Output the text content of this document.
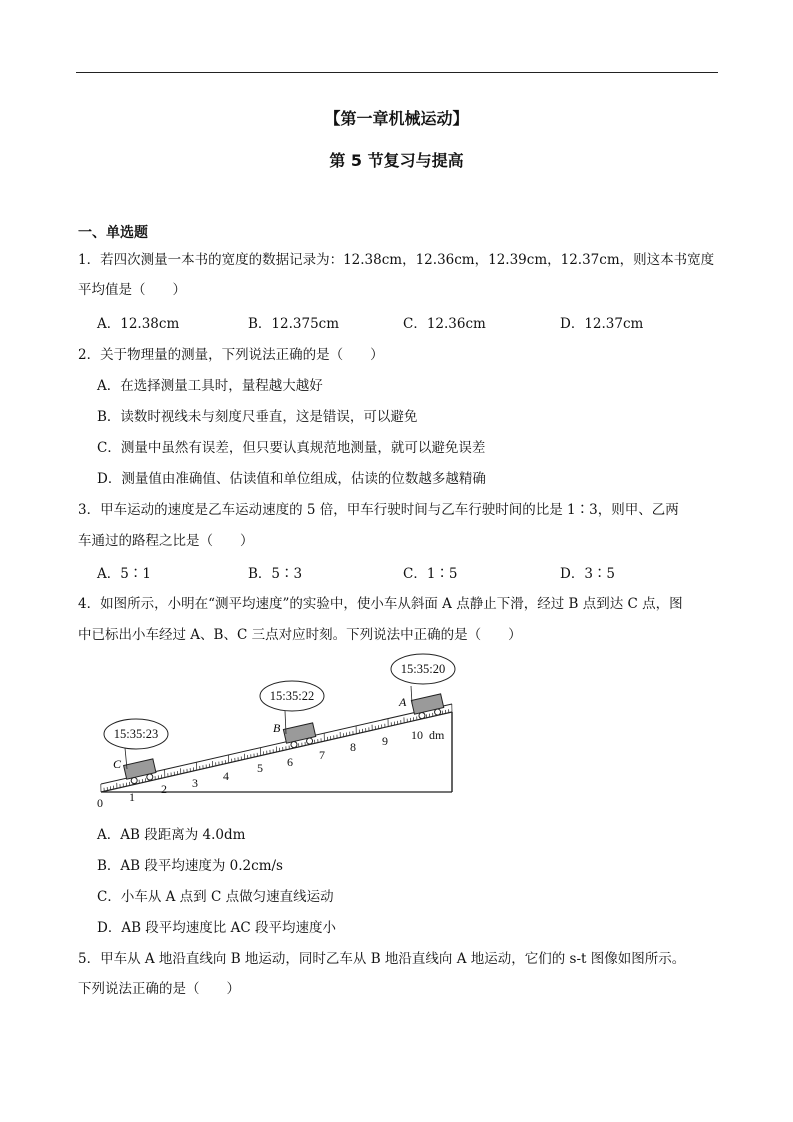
【第一章机械运动】
第 5 节复习与提高
一、单选题
1．若四次测量一本书的宽度的数据记录为：12.38cm，12.36cm，12.39cm，12.37cm，则这本书宽度
平均值是（　　）
A．12.38cm	B．12.375cm	C．12.36cm	D．12.37cm
2．关于物理量的测量，下列说法正确的是（　　）
A．在选择测量工具时，量程越大越好
B．读数时视线未与刻度尺垂直，这是错误，可以避免
C．测量中虽然有误差，但只要认真规范地测量，就可以避免误差
D．测量值由准确值、估读值和单位组成，估读的位数越多越精确
3．甲车运动的速度是乙车运动速度的 5 倍，甲车行驶时间与乙车行驶时间的比是 1∶3，则甲、乙两
车通过的路程之比是（　　）
A．5∶1	B．5∶3	C．1∶5	D．3∶5
4．如图所示，小明在“测平均速度”的实验中，使小车从斜面 A 点静止下滑，经过 B 点到达 C 点，图
中已标出小车经过 A、B、C 三点对应时刻。下列说法中正确的是（　　）
0 1
2 3 4
5 6 7
8 9 10  dm
C
B
A
15:35:23
15:35:22
15:35:20
A．AB 段距离为 4.0dm
B．AB 段平均速度为 0.2cm/s
C．小车从 A 点到 C 点做匀速直线运动
D．AB 段平均速度比 AC 段平均速度小
5．甲车从 A 地沿直线向 B 地运动，同时乙车从 B 地沿直线向 A 地运动，它们的 s-t 图像如图所示。
下列说法正确的是（　　）
